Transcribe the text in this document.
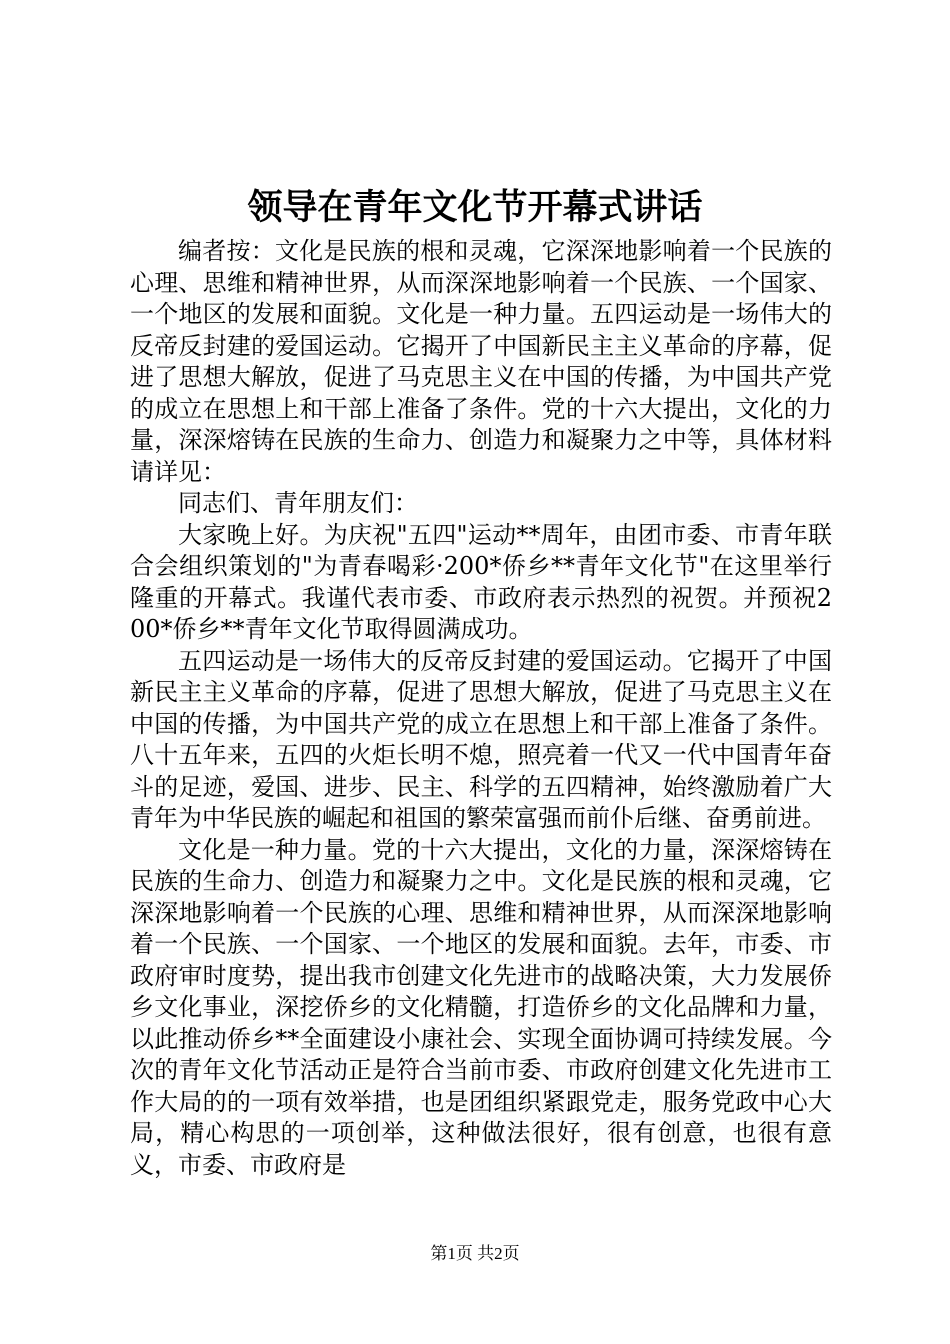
领导在青年文化节开幕式讲话

编者按：文化是民族的根和灵魂，它深深地影响着一个民族的心理、思维和精神世界，从而深深地影响着一个民族、一个国家、一个地区的发展和面貌。文化是一种力量。五四运动是一场伟大的反帝反封建的爱国运动。它揭开了中国新民主主义革命的序幕，促进了思想大解放，促进了马克思主义在中国的传播，为中国共产党的成立在思想上和干部上准备了条件。党的十六大提出，文化的力量，深深熔铸在民族的生命力、创造力和凝聚力之中等，具体材料请详见：

同志们、青年朋友们：

大家晚上好。为庆祝"五四"运动**周年，由团市委、市青年联合会组织策划的"为青春喝彩·200*侨乡**青年文化节"在这里举行隆重的开幕式。我谨代表市委、市政府表示热烈的祝贺。并预祝200*侨乡**青年文化节取得圆满成功。

五四运动是一场伟大的反帝反封建的爱国运动。它揭开了中国新民主主义革命的序幕，促进了思想大解放，促进了马克思主义在中国的传播，为中国共产党的成立在思想上和干部上准备了条件。八十五年来，五四的火炬长明不熄，照亮着一代又一代中国青年奋斗的足迹，爱国、进步、民主、科学的五四精神，始终激励着广大青年为中华民族的崛起和祖国的繁荣富强而前仆后继、奋勇前进。

文化是一种力量。党的十六大提出，文化的力量，深深熔铸在民族的生命力、创造力和凝聚力之中。文化是民族的根和灵魂，它深深地影响着一个民族的心理、思维和精神世界，从而深深地影响着一个民族、一个国家、一个地区的发展和面貌。去年，市委、市政府审时度势，提出我市创建文化先进市的战略决策，大力发展侨乡文化事业，深挖侨乡的文化精髓，打造侨乡的文化品牌和力量，以此推动侨乡**全面建设小康社会、实现全面协调可持续发展。今次的青年文化节活动正是符合当前市委、市政府创建文化先进市工作大局的的一项有效举措，也是团组织紧跟党走，服务党政中心大局，精心构思的一项创举，这种做法很好，很有创意，也很有意义，市委、市政府是

第1页 共2页
